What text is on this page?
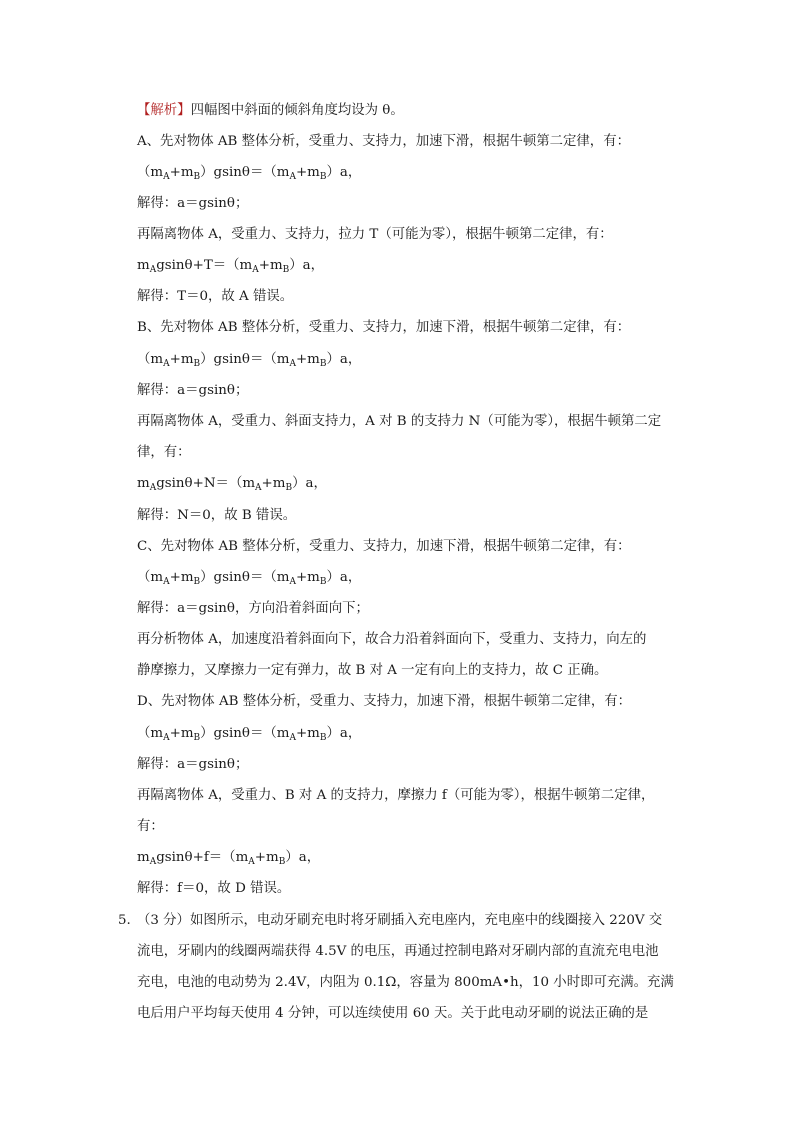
【解析】四幅图中斜面的倾斜角度均设为 θ。
A、先对物体 AB 整体分析，受重力、支持力，加速下滑，根据牛顿第二定律，有：
$(m_A+m_B)gsin\theta=(m_A+m_B)a$，
解得：a＝gsinθ；
再隔离物体 A，受重力、支持力，拉力 T（可能为零），根据牛顿第二定律，有：
$m_Agsin\theta+T=(m_A+m_B)a$，
解得：T＝0，故 A 错误。
B、先对物体 AB 整体分析，受重力、支持力，加速下滑，根据牛顿第二定律，有：
$(m_A+m_B)gsin\theta=(m_A+m_B)a$，
解得：a＝gsinθ；
再隔离物体 A，受重力、斜面支持力，A 对 B 的支持力 N（可能为零），根据牛顿第二定
律，有：
$m_Agsin\theta+N=(m_A+m_B)a$，
解得：N＝0，故 B 错误。
C、先对物体 AB 整体分析，受重力、支持力，加速下滑，根据牛顿第二定律，有：
$(m_A+m_B)gsin\theta=(m_A+m_B)a$，
解得：a＝gsinθ，方向沿着斜面向下；
再分析物体 A，加速度沿着斜面向下，故合力沿着斜面向下，受重力、支持力，向左的
静摩擦力，又摩擦力一定有弹力，故 B 对 A 一定有向上的支持力，故 C 正确。
D、先对物体 AB 整体分析，受重力、支持力，加速下滑，根据牛顿第二定律，有：
$(m_A+m_B)gsin\theta=(m_A+m_B)a$，
解得：a＝gsinθ；
再隔离物体 A，受重力、B 对 A 的支持力，摩擦力 f（可能为零），根据牛顿第二定律，
有：
$m_Agsin\theta+f=(m_A+m_B)a$，
解得：f＝0，故 D 错误。
5. （3 分）如图所示，电动牙刷充电时将牙刷插入充电座内，充电座中的线圈接入 220V 交
流电，牙刷内的线圈两端获得 4.5V 的电压，再通过控制电路对牙刷内部的直流充电电池
充电，电池的电动势为 2.4V，内阻为 0.1Ω，容量为 800mA•h，10 小时即可充满。充满
电后用户平均每天使用 4 分钟，可以连续使用 60 天。关于此电动牙刷的说法正确的是
